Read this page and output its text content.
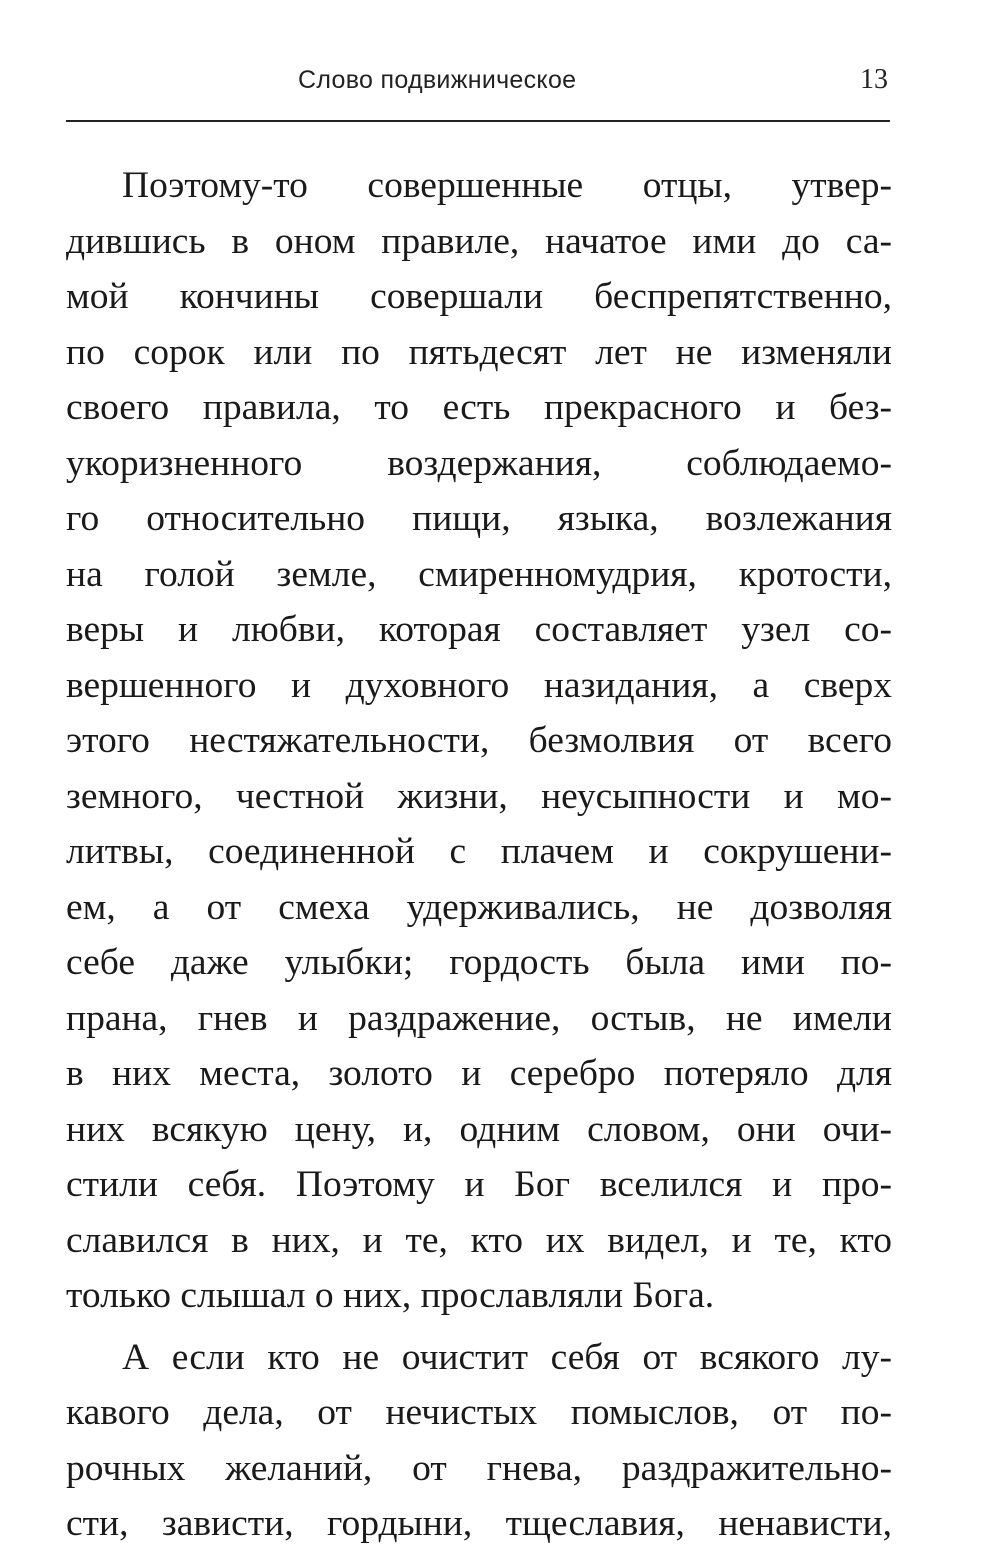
Слово подвижническое	13
Поэтому-то совершенные отцы, утвер-
дившись в оном правиле, начатое ими до са-
мой кончины совершали беспрепятственно,
по сорок или по пятьдесят лет не изменяли
своего правила, то есть прекрасного и без-
укоризненного воздержания, соблюдаемо-
го относительно пищи, языка, возлежания
на голой земле, смиренномудрия, кротости,
веры и любви, которая составляет узел со-
вершенного и духовного назидания, а сверх
этого нестяжательности, безмолвия от всего
земного, честной жизни, неусыпности и мо-
литвы, соединенной с плачем и сокрушени-
ем, а от смеха удерживались, не дозволяя
себе даже улыбки; гордость была ими по-
прана, гнев и раздражение, остыв, не имели
в них места, золото и серебро потеряло для
них всякую цену, и, одним словом, они очи-
стили себя. Поэтому и Бог вселился и про-
славился в них, и те, кто их видел, и те, кто
только слышал о них, прославляли Бога.
А если кто не очистит себя от всякого лу-
кавого дела, от нечистых помыслов, от по-
рочных желаний, от гнева, раздражительно-
сти, зависти, гордыни, тщеславия, ненависти,
